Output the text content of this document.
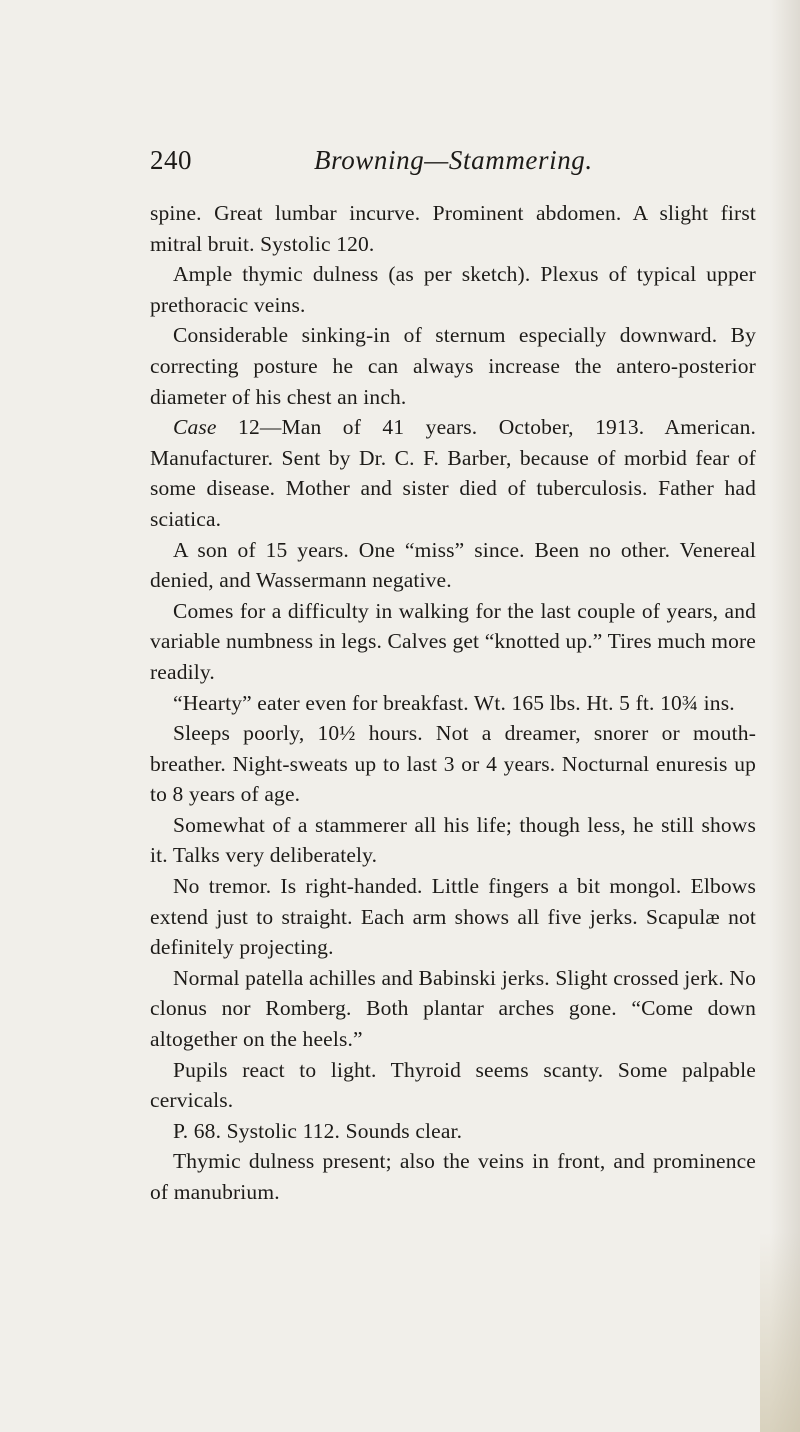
240	Browning—Stammering.

spine. Great lumbar incurve. Prominent abdomen. A slight first mitral bruit. Systolic 120.

Ample thymic dulness (as per sketch). Plexus of typical upper prethoracic veins.

Considerable sinking-in of sternum especially downward. By correcting posture he can always increase the antero-posterior diameter of his chest an inch.

Case 12—Man of 41 years. October, 1913. American. Manufacturer. Sent by Dr. C. F. Barber, because of morbid fear of some disease. Mother and sister died of tuberculosis. Father had sciatica.

A son of 15 years. One “miss” since. Been no other. Venereal denied, and Wassermann negative.

Comes for a difficulty in walking for the last couple of years, and variable numbness in legs. Calves get “knotted up.” Tires much more readily.

“Hearty” eater even for breakfast. Wt. 165 lbs. Ht. 5 ft. 10¾ ins.

Sleeps poorly, 10½ hours. Not a dreamer, snorer or mouth-breather. Night-sweats up to last 3 or 4 years. Nocturnal enuresis up to 8 years of age.

Somewhat of a stammerer all his life; though less, he still shows it. Talks very deliberately.

No tremor. Is right-handed. Little fingers a bit mongol. Elbows extend just to straight. Each arm shows all five jerks. Scapulæ not definitely projecting.

Normal patella achilles and Babinski jerks. Slight crossed jerk. No clonus nor Romberg. Both plantar arches gone. “Come down altogether on the heels.”

Pupils react to light. Thyroid seems scanty. Some palpable cervicals.

P. 68. Systolic 112. Sounds clear.

Thymic dulness present; also the veins in front, and prominence of manubrium.
